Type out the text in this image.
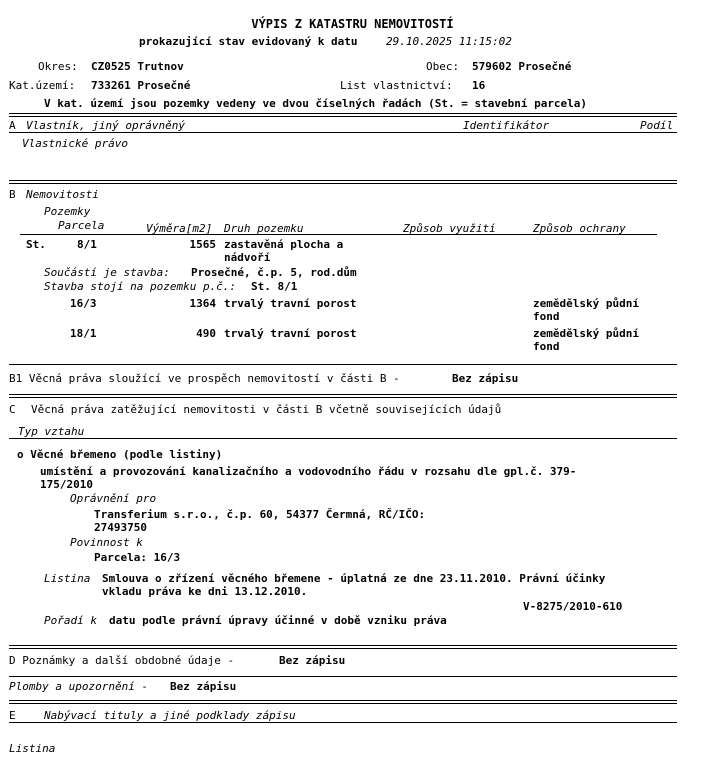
VÝPIS Z KATASTRU NEMOVITOSTÍ
prokazující stav evidovaný k datu	29.10.2025 11:15:02
Okres: CZ0525 Trutnov	Obec: 579602 Prosečné
Kat.území: 733261 Prosečné	List vlastnictví: 16
V kat. území jsou pozemky vedeny ve dvou číselných řadách (St. = stavební parcela)
A Vlastník, jiný oprávněný	Identifikátor	Podíl
Vlastnické právo
B Nemovitosti
Pozemky
Parcela	Výměra[m2] Druh pozemku	Způsob využití	Způsob ochrany
St.	8/1	1565 zastavěná plocha a
nádvoří
Součástí je stavba: Prosečné, č.p. 5, rod.dům
Stavba stojí na pozemku p.č.: St. 8/1
16/3	1364 trvalý travní porost	zemědělský půdní
fond
18/1	490 trvalý travní porost	zemědělský půdní
fond
B1 Věcná práva sloužící ve prospěch nemovitostí v části B -	Bez zápisu
C Věcná práva zatěžující nemovitosti v části B včetně souvisejících údajů
Typ vztahu
o Věcné břemeno (podle listiny)
umístění a provozování kanalizačního a vodovodního řádu v rozsahu dle gpl.č. 379-
175/2010
Oprávnění pro
Transferium s.r.o., č.p. 60, 54377 Čermná, RČ/IČO:
27493750
Povinnost k
Parcela: 16/3
Listina Smlouva o zřízení věcného břemene - úplatná ze dne 23.11.2010. Právní účinky
vkladu práva ke dni 13.12.2010.
V-8275/2010-610
Pořadí k datu podle právní úpravy účinné v době vzniku práva
D Poznámky a další obdobné údaje -	Bez zápisu
Plomby a upozornění - Bez zápisu
E	Nabývací tituly a jiné podklady zápisu
Listina
